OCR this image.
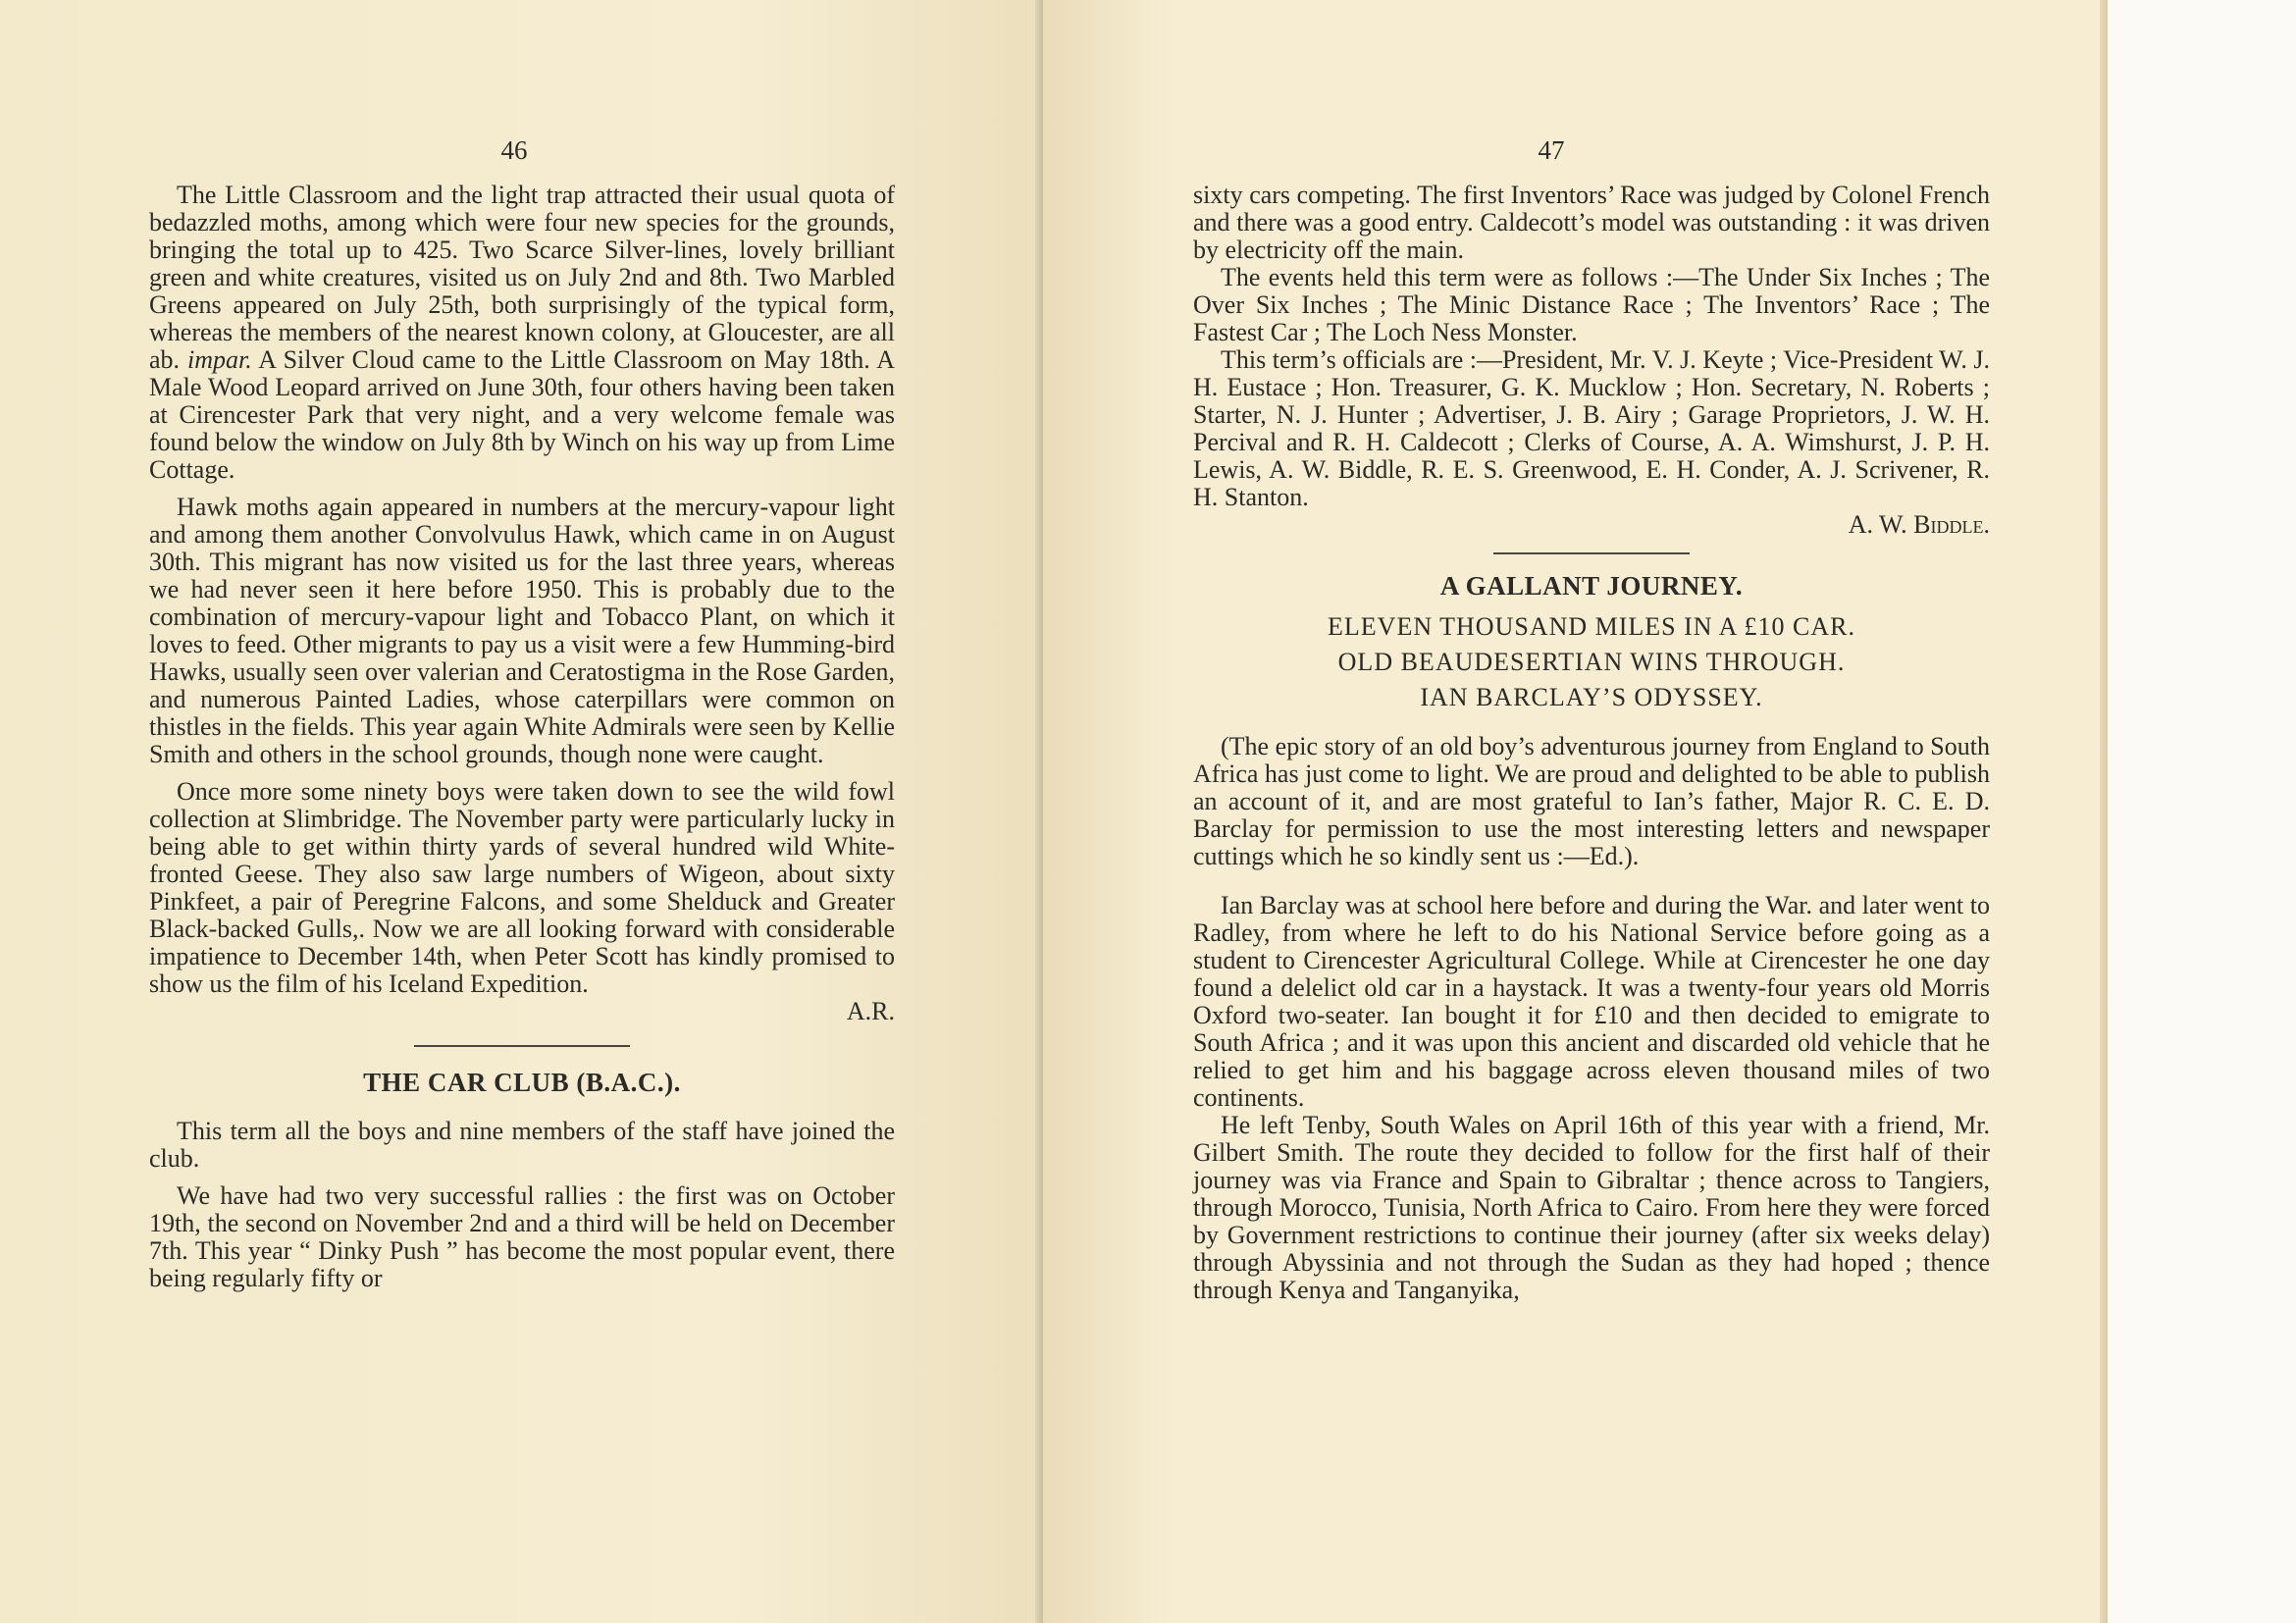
46

The Little Classroom and the light trap attracted their usual quota of bedazzled moths, among which were four new species for the grounds, bringing the total up to 425. Two Scarce Silver-lines, lovely brilliant green and white creatures, visited us on July 2nd and 8th. Two Marbled Greens appeared on July 25th, both surprisingly of the typical form, whereas the members of the nearest known colony, at Gloucester, are all ab. impar. A Silver Cloud came to the Little Classroom on May 18th. A Male Wood Leopard arrived on June 30th, four others having been taken at Cirencester Park that very night, and a very welcome female was found below the window on July 8th by Winch on his way up from Lime Cottage.

Hawk moths again appeared in numbers at the mercury-vapour light and among them another Convolvulus Hawk, which came in on August 30th. This migrant has now visited us for the last three years, whereas we had never seen it here before 1950. This is probably due to the combination of mercury-vapour light and Tobacco Plant, on which it loves to feed. Other migrants to pay us a visit were a few Humming-bird Hawks, usually seen over valerian and Ceratostigma in the Rose Garden, and numerous Painted Ladies, whose caterpillars were common on thistles in the fields. This year again White Admirals were seen by Kellie Smith and others in the school grounds, though none were caught.

Once more some ninety boys were taken down to see the wild fowl collection at Slimbridge. The November party were particularly lucky in being able to get within thirty yards of several hundred wild White-fronted Geese. They also saw large numbers of Wigeon, about sixty Pinkfeet, a pair of Peregrine Falcons, and some Shelduck and Greater Black-backed Gulls,. Now we are all looking forward with considerable impatience to December 14th, when Peter Scott has kindly promised to show us the film of his Iceland Expedition.

A.R.

THE CAR CLUB (B.A.C.).

This term all the boys and nine members of the staff have joined the club.

We have had two very successful rallies : the first was on October 19th, the second on November 2nd and a third will be held on December 7th. This year “ Dinky Push ” has become the most popular event, there being regularly fifty or

47

sixty cars competing. The first Inventors’ Race was judged by Colonel French and there was a good entry. Caldecott’s model was outstanding : it was driven by electricity off the main.

The events held this term were as follows :—The Under Six Inches ; The Over Six Inches ; The Minic Distance Race ; The Inventors’ Race ; The Fastest Car ; The Loch Ness Monster.

This term’s officials are :—President, Mr. V. J. Keyte ; Vice-President W. J. H. Eustace ; Hon. Treasurer, G. K. Mucklow ; Hon. Secretary, N. Roberts ; Starter, N. J. Hunter ; Advertiser, J. B. Airy ; Garage Proprietors, J. W. H. Percival and R. H. Caldecott ; Clerks of Course, A. A. Wimshurst, J. P. H. Lewis, A. W. Biddle, R. E. S. Greenwood, E. H. Conder, A. J. Scrivener, R. H. Stanton.

A. W. Biddle.

A GALLANT JOURNEY.

ELEVEN THOUSAND MILES IN A £10 CAR.

OLD BEAUDESERTIAN WINS THROUGH.

IAN BARCLAY’S ODYSSEY.

(The epic story of an old boy’s adventurous journey from England to South Africa has just come to light. We are proud and delighted to be able to publish an account of it, and are most grateful to Ian’s father, Major R. C. E. D. Barclay for permission to use the most interesting letters and newspaper cuttings which he so kindly sent us :—Ed.).

Ian Barclay was at school here before and during the War. and later went to Radley, from where he left to do his National Service before going as a student to Cirencester Agricultural College. While at Cirencester he one day found a delelict old car in a haystack. It was a twenty-four years old Morris Oxford two-seater. Ian bought it for £10 and then decided to emigrate to South Africa ; and it was upon this ancient and discarded old vehicle that he relied to get him and his baggage across eleven thousand miles of two continents.

He left Tenby, South Wales on April 16th of this year with a friend, Mr. Gilbert Smith. The route they decided to follow for the first half of their journey was via France and Spain to Gibraltar ; thence across to Tangiers, through Morocco, Tunisia, North Africa to Cairo. From here they were forced by Government restrictions to continue their journey (after six weeks delay) through Abyssinia and not through the Sudan as they had hoped ; thence through Kenya and Tanganyika,
